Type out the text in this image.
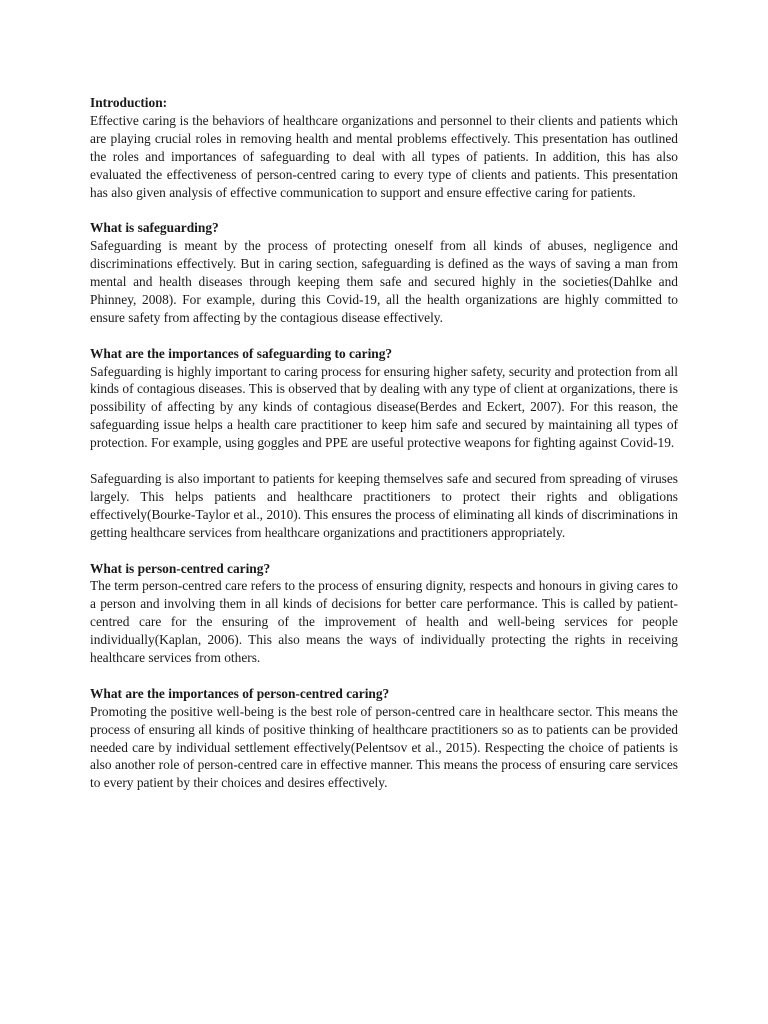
Introduction:

Effective caring is the behaviors of healthcare organizations and personnel to their clients and patients which are playing crucial roles in removing health and mental problems effectively. This presentation has outlined the roles and importances of safeguarding to deal with all types of patients. In addition, this has also evaluated the effectiveness of person-centred caring to every type of clients and patients. This presentation has also given analysis of effective communication to support and ensure effective caring for patients.

What is safeguarding?

Safeguarding is meant by the process of protecting oneself from all kinds of abuses, negligence and discriminations effectively. But in caring section, safeguarding is defined as the ways of saving a man from mental and health diseases through keeping them safe and secured highly in the societies(Dahlke and Phinney, 2008). For example, during this Covid-19, all the health organizations are highly committed to ensure safety from affecting by the contagious disease effectively.

What are the importances of safeguarding to caring?

Safeguarding is highly important to caring process for ensuring higher safety, security and protection from all kinds of contagious diseases. This is observed that by dealing with any type of client at organizations, there is possibility of affecting by any kinds of contagious disease(Berdes and Eckert, 2007). For this reason, the safeguarding issue helps a health care practitioner to keep him safe and secured by maintaining all types of protection. For example, using goggles and PPE are useful protective weapons for fighting against Covid-19.

Safeguarding is also important to patients for keeping themselves safe and secured from spreading of viruses largely. This helps patients and healthcare practitioners to protect their rights and obligations effectively(Bourke-Taylor et al., 2010). This ensures the process of eliminating all kinds of discriminations in getting healthcare services from healthcare organizations and practitioners appropriately.

What is person-centred caring?

The term person-centred care refers to the process of ensuring dignity, respects and honours in giving cares to a person and involving them in all kinds of decisions for better care performance. This is called by patient-centred care for the ensuring of the improvement of health and well-being services for people individually(Kaplan, 2006). This also means the ways of individually protecting the rights in receiving healthcare services from others.

What are the importances of person-centred caring?

Promoting the positive well-being is the best role of person-centred care in healthcare sector. This means the process of ensuring all kinds of positive thinking of healthcare practitioners so as to patients can be provided needed care by individual settlement effectively(Pelentsov et al., 2015). Respecting the choice of patients is also another role of person-centred care in effective manner. This means the process of ensuring care services to every patient by their choices and desires effectively.
